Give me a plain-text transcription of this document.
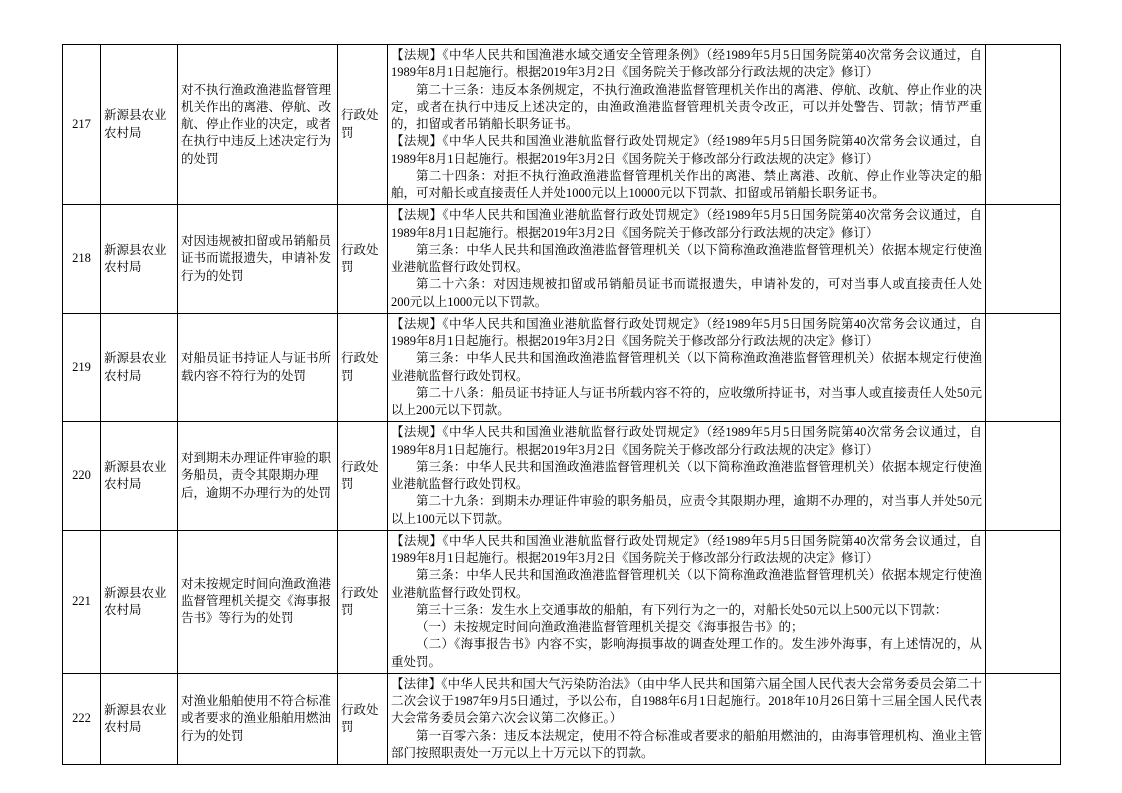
217	新源县农业农村局	对不执行渔政渔港监督管理机关作出的离港、停航、改航、停止作业的决定，或者在执行中违反上述决定行为的处罚	行政处罚	【法规】《中华人民共和国渔港水域交通安全管理条例》（经1989年5月5日国务院第40次常务会议通过，自1989年8月1日起施行。根据2019年3月2日《国务院关于修改部分行政法规的决定》修订）

第二十三条：违反本条例规定，不执行渔政渔港监督管理机关作出的离港、停航、改航、停止作业的决定，或者在执行中违反上述决定的，由渔政渔港监督管理机关责令改正，可以并处警告、罚款；情节严重的，扣留或者吊销船长职务证书。

【法规】《中华人民共和国渔业港航监督行政处罚规定》（经1989年5月5日国务院第40次常务会议通过，自1989年8月1日起施行。根据2019年3月2日《国务院关于修改部分行政法规的决定》修订）

第二十四条：对拒不执行渔政渔港监督管理机关作出的离港、禁止离港、改航、停止作业等决定的船舶，可对船长或直接责任人并处1000元以上10000元以下罚款、扣留或吊销船长职务证书。	

218	新源县农业农村局	对因违规被扣留或吊销船员证书而谎报遗失，申请补发行为的处罚	行政处罚	【法规】《中华人民共和国渔业港航监督行政处罚规定》（经1989年5月5日国务院第40次常务会议通过，自1989年8月1日起施行。根据2019年3月2日《国务院关于修改部分行政法规的决定》修订）

第三条：中华人民共和国渔政渔港监督管理机关（以下简称渔政渔港监督管理机关）依据本规定行使渔业港航监督行政处罚权。

第二十六条：对因违规被扣留或吊销船员证书而谎报遗失，申请补发的，可对当事人或直接责任人处200元以上1000元以下罚款。	

219	新源县农业农村局	对船员证书持证人与证书所载内容不符行为的处罚	行政处罚	【法规】《中华人民共和国渔业港航监督行政处罚规定》（经1989年5月5日国务院第40次常务会议通过，自1989年8月1日起施行。根据2019年3月2日《国务院关于修改部分行政法规的决定》修订）

第三条：中华人民共和国渔政渔港监督管理机关（以下简称渔政渔港监督管理机关）依据本规定行使渔业港航监督行政处罚权。

第二十八条：船员证书持证人与证书所载内容不符的，应收缴所持证书，对当事人或直接责任人处50元以上200元以下罚款。	

220	新源县农业农村局	对到期未办理证件审验的职务船员，责令其限期办理后，逾期不办理行为的处罚	行政处罚	【法规】《中华人民共和国渔业港航监督行政处罚规定》（经1989年5月5日国务院第40次常务会议通过，自1989年8月1日起施行。根据2019年3月2日《国务院关于修改部分行政法规的决定》修订）

第三条：中华人民共和国渔政渔港监督管理机关（以下简称渔政渔港监督管理机关）依据本规定行使渔业港航监督行政处罚权。

第二十九条：到期未办理证件审验的职务船员，应责令其限期办理，逾期不办理的，对当事人并处50元以上100元以下罚款。	

221	新源县农业农村局	对未按规定时间向渔政渔港监督管理机关提交《海事报告书》等行为的处罚	行政处罚	【法规】《中华人民共和国渔业港航监督行政处罚规定》（经1989年5月5日国务院第40次常务会议通过，自1989年8月1日起施行。根据2019年3月2日《国务院关于修改部分行政法规的决定》修订）

第三条：中华人民共和国渔政渔港监督管理机关（以下简称渔政渔港监督管理机关）依据本规定行使渔业港航监督行政处罚权。

第三十三条：发生水上交通事故的船舶，有下列行为之一的，对船长处50元以上500元以下罚款：

（一）未按规定时间向渔政渔港监督管理机关提交《海事报告书》的；

（二）《海事报告书》内容不实，影响海损事故的调查处理工作的。发生涉外海事，有上述情况的，从重处罚。	

222	新源县农业农村局	对渔业船舶使用不符合标准或者要求的渔业船舶用燃油行为的处罚	行政处罚	【法律】《中华人民共和国大气污染防治法》（由中华人民共和国第六届全国人民代表大会常务委员会第二十二次会议于1987年9月5日通过，予以公布，自1988年6月1日起施行。2018年10月26日第十三届全国人民代表大会常务委员会第六次会议第二次修正。）

第一百零六条：违反本法规定，使用不符合标准或者要求的船舶用燃油的，由海事管理机构、渔业主管部门按照职责处一万元以上十万元以下的罚款。	
